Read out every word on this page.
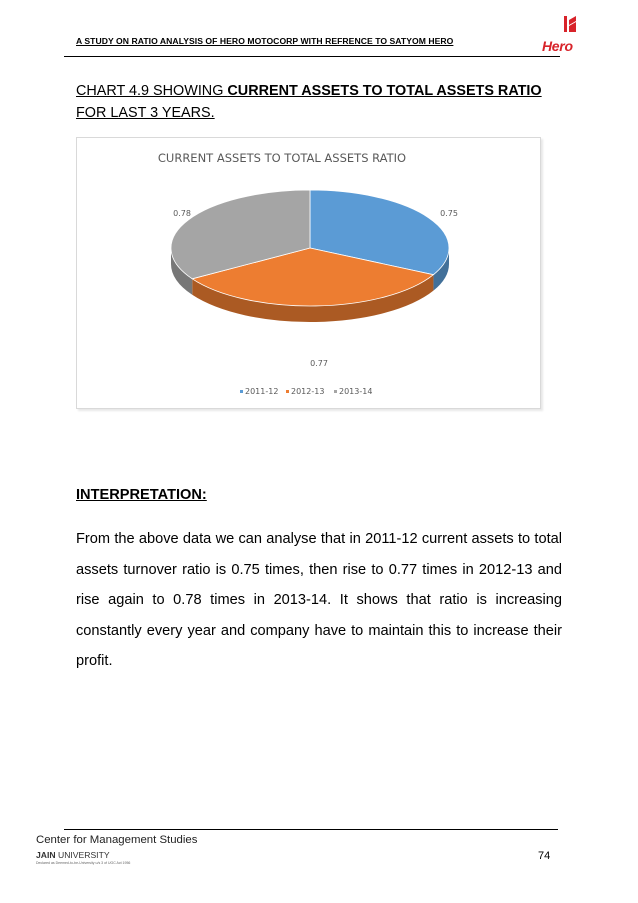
A STUDY ON RATIO ANALYSIS OF HERO MOTOCORP WITH REFRENCE TO SATYOM HERO	Hero
CHART 4.9 SHOWING CURRENT ASSETS TO TOTAL ASSETS RATIO
FOR LAST 3 YEARS.
CURRENT ASSETS TO TOTAL ASSETS RATIO
0.75
0.77
0.78
2011-12 2012-13 2013-14
INTERPRETATION:
From the above data we can analyse that in 2011-12 current assets to total assets turnover ratio is 0.75 times, then rise to 0.77 times in 2012-13 and rise again to 0.78 times in 2013-14. It shows that ratio is increasing constantly every year and company have to maintain this to increase their profit.
Center for Management Studies
JAIN UNIVERSITY
Declared as Deemed-to-be-University u/s 3 of UGC Act 1956
74
